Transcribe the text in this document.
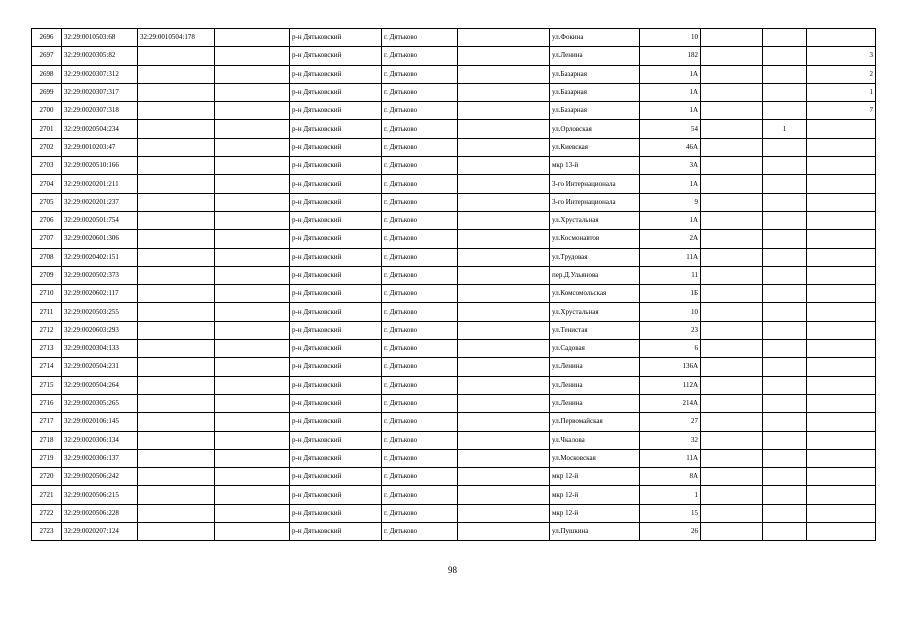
2696	32:29:0010503:68	32:29:0010504:178		р-н Дятьковский	г. Дятьково		ул.Фокина	10			
2697	32:29:0020305:82			р-н Дятьковский	г. Дятьково		ул.Ленина	182			3
2698	32:29:0020307:312			р-н Дятьковский	г. Дятьково		ул.Базарная	1А			2
2699	32:29:0020307:317			р-н Дятьковский	г. Дятьково		ул.Базарная	1А			1
2700	32:29:0020307:318			р-н Дятьковский	г. Дятьково		ул.Базарная	1А			7
2701	32:29:0020504:234			р-н Дятьковский	г. Дятьково		ул.Орловская	54		1	
2702	32:29:0010203:47			р-н Дятьковский	г. Дятьково		ул.Киевская	46А			
2703	32:29:0020510:166			р-н Дятьковский	г. Дятьково		мкр 13-й	3А			
2704	32:29:0020201:211			р-н Дятьковский	г. Дятьково		3-го Интернационала	1А			
2705	32:29:0020201:237			р-н Дятьковский	г. Дятьково		3-го Интернационала	9			
2706	32:29:0020501:754			р-н Дятьковский	г. Дятьково		ул.Хрустальная	1А			
2707	32:29:0020601:306			р-н Дятьковский	г. Дятьково		ул.Космонавтов	2А			
2708	32:29:0020402:151			р-н Дятьковский	г. Дятьково		ул.Трудовая	11А			
2709	32:29:0020502:373			р-н Дятьковский	г. Дятьково		пер.Д.Ульянова	11			
2710	32:29:0020602:117			р-н Дятьковский	г. Дятьково		ул.Комсомольская	1Б			
2711	32:29:0020503:255			р-н Дятьковский	г. Дятьково		ул.Хрустальная	10			
2712	32:29:0020603:293			р-н Дятьковский	г. Дятьково		ул.Тенистая	23			
2713	32:29:0020304:133			р-н Дятьковский	г. Дятьково		ул.Садовая	6			
2714	32:29:0020504:231			р-н Дятьковский	г. Дятьково		ул.Ленина	136А			
2715	32:29:0020504:264			р-н Дятьковский	г. Дятьково		ул.Ленина	112А			
2716	32:29:0020305:265			р-н Дятьковский	г. Дятьково		ул.Ленина	214А			
2717	32:29:0020106:145			р-н Дятьковский	г. Дятьково		ул.Первомайская	27			
2718	32:29:0020306:134			р-н Дятьковский	г. Дятьково		ул.Чкалова	32			
2719	32:29:0020306:137			р-н Дятьковский	г. Дятьково		ул.Московская	11А			
2720	32:29:0020506:242			р-н Дятьковский	г. Дятьково		мкр 12-й	8А			
2721	32:29:0020506:215			р-н Дятьковский	г. Дятьково		мкр 12-й	1			
2722	32:29:0020506:228			р-н Дятьковский	г. Дятьково		мкр 12-й	15			
2723	32:29:0020207:124			р-н Дятьковский	г. Дятьково		ул.Пушкина	26			
98
